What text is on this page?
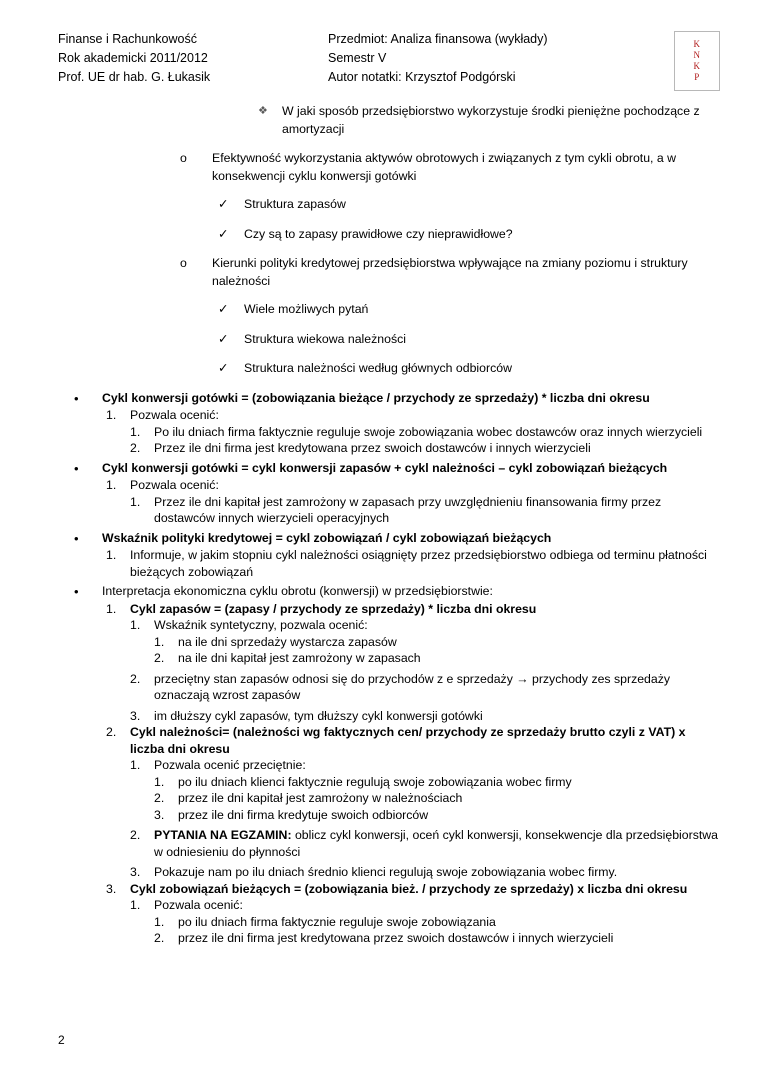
Finanse i Rachunkowość
Rok akademicki 2011/2012
Prof. UE dr hab. G. Łukasik
Przedmiot: Analiza finansowa (wykłady)
Semestr V
Autor notatki: Krzysztof Podgórski
K
N
K
P
❖	W jaki sposób przedsiębiorstwo wykorzystuje środki pieniężne pochodzące z amortyzacji
o	Efektywność wykorzystania aktywów obrotowych i związanych z tym cykli obrotu, a w konsekwencji cyklu konwersji gotówki
✓	Struktura zapasów
✓	Czy są to zapasy prawidłowe czy nieprawidłowe?
o	Kierunki polityki kredytowej przedsiębiorstwa wpływające na zmiany poziomu i struktury należności
✓	Wiele możliwych pytań
✓	Struktura wiekowa należności
✓	Struktura należności według głównych odbiorców
•	Cykl konwersji gotówki = (zobowiązania bieżące / przychody ze sprzedaży) * liczba dni okresu
1.	Pozwala ocenić:
1.	Po ilu dniach firma faktycznie reguluje swoje zobowiązania wobec dostawców oraz innych wierzycieli
2.	Przez ile dni firma jest kredytowana przez swoich dostawców i innych wierzycieli
•	Cykl konwersji gotówki = cykl konwersji zapasów + cykl należności – cykl zobowiązań bieżących
1.	Pozwala ocenić:
1.	Przez ile dni kapitał jest zamrożony w zapasach przy uwzględnieniu finansowania firmy przez dostawców innych wierzycieli operacyjnych
•	Wskaźnik polityki kredytowej = cykl zobowiązań / cykl zobowiązań bieżących
1.	Informuje, w jakim stopniu cykl należności osiągnięty przez przedsiębiorstwo odbiega od terminu płatności bieżących zobowiązań
•	Interpretacja ekonomiczna cyklu obrotu (konwersji) w przedsiębiorstwie:
1.	Cykl zapasów = (zapasy / przychody ze sprzedaży) * liczba dni okresu
1.	Wskaźnik syntetyczny, pozwala ocenić:
1.	na ile dni sprzedaży wystarcza zapasów
2.	na ile dni kapitał jest zamrożony w zapasach
2.	przeciętny stan zapasów odnosi się do przychodów z e sprzedaży → przychody zes sprzedaży oznaczają wzrost zapasów
3.	im dłuższy cykl zapasów, tym dłuższy cykl konwersji gotówki
2.	Cykl należności= (należności wg faktycznych cen/ przychody ze sprzedaży brutto czyli z VAT) x liczba dni okresu
1.	Pozwala ocenić przeciętnie:
1.	po ilu dniach klienci faktycznie regulują swoje zobowiązania wobec firmy
2.	przez ile dni kapitał jest zamrożony w należnościach
3.	przez ile dni firma kredytuje swoich odbiorców
2.	PYTANIA NA EGZAMIN: oblicz cykl konwersji, oceń cykl konwersji, konsekwencje dla przedsiębiorstwa w odniesieniu do płynności
3.	Pokazuje nam po ilu dniach średnio klienci regulują swoje zobowiązania wobec firmy.
3.	Cykl zobowiązań bieżących = (zobowiązania bież. / przychody ze sprzedaży) x liczba dni okresu
1.	Pozwala ocenić:
1.	po ilu dniach firma faktycznie reguluje swoje zobowiązania
2.	przez ile dni firma jest kredytowana przez swoich dostawców i innych wierzycieli
2
